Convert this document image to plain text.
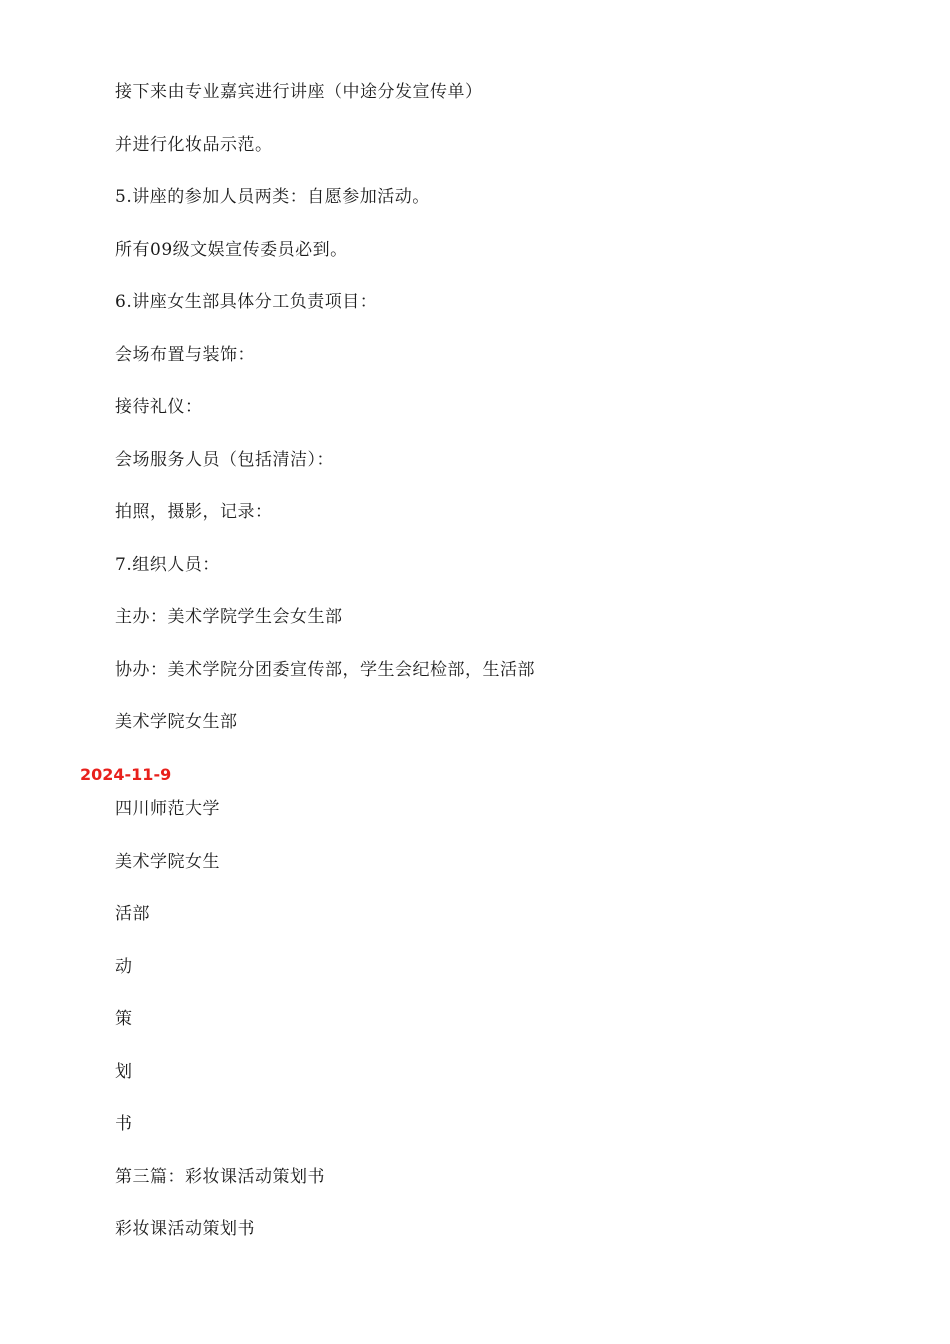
接下来由专业嘉宾进行讲座（中途分发宣传单）
并进行化妆品示范。
5.讲座的参加人员两类：自愿参加活动。
所有09级文娱宣传委员必到。
6.讲座女生部具体分工负责项目：
会场布置与装饰：
接待礼仪：
会场服务人员（包括清洁）：
拍照，摄影，记录：
7.组织人员：
主办：美术学院学生会女生部
协办：美术学院分团委宣传部，学生会纪检部，生活部
美术学院女生部
2024-11-9
四川师范大学
美术学院女生
活部
动
策
划
书
第三篇：彩妆课活动策划书
彩妆课活动策划书
